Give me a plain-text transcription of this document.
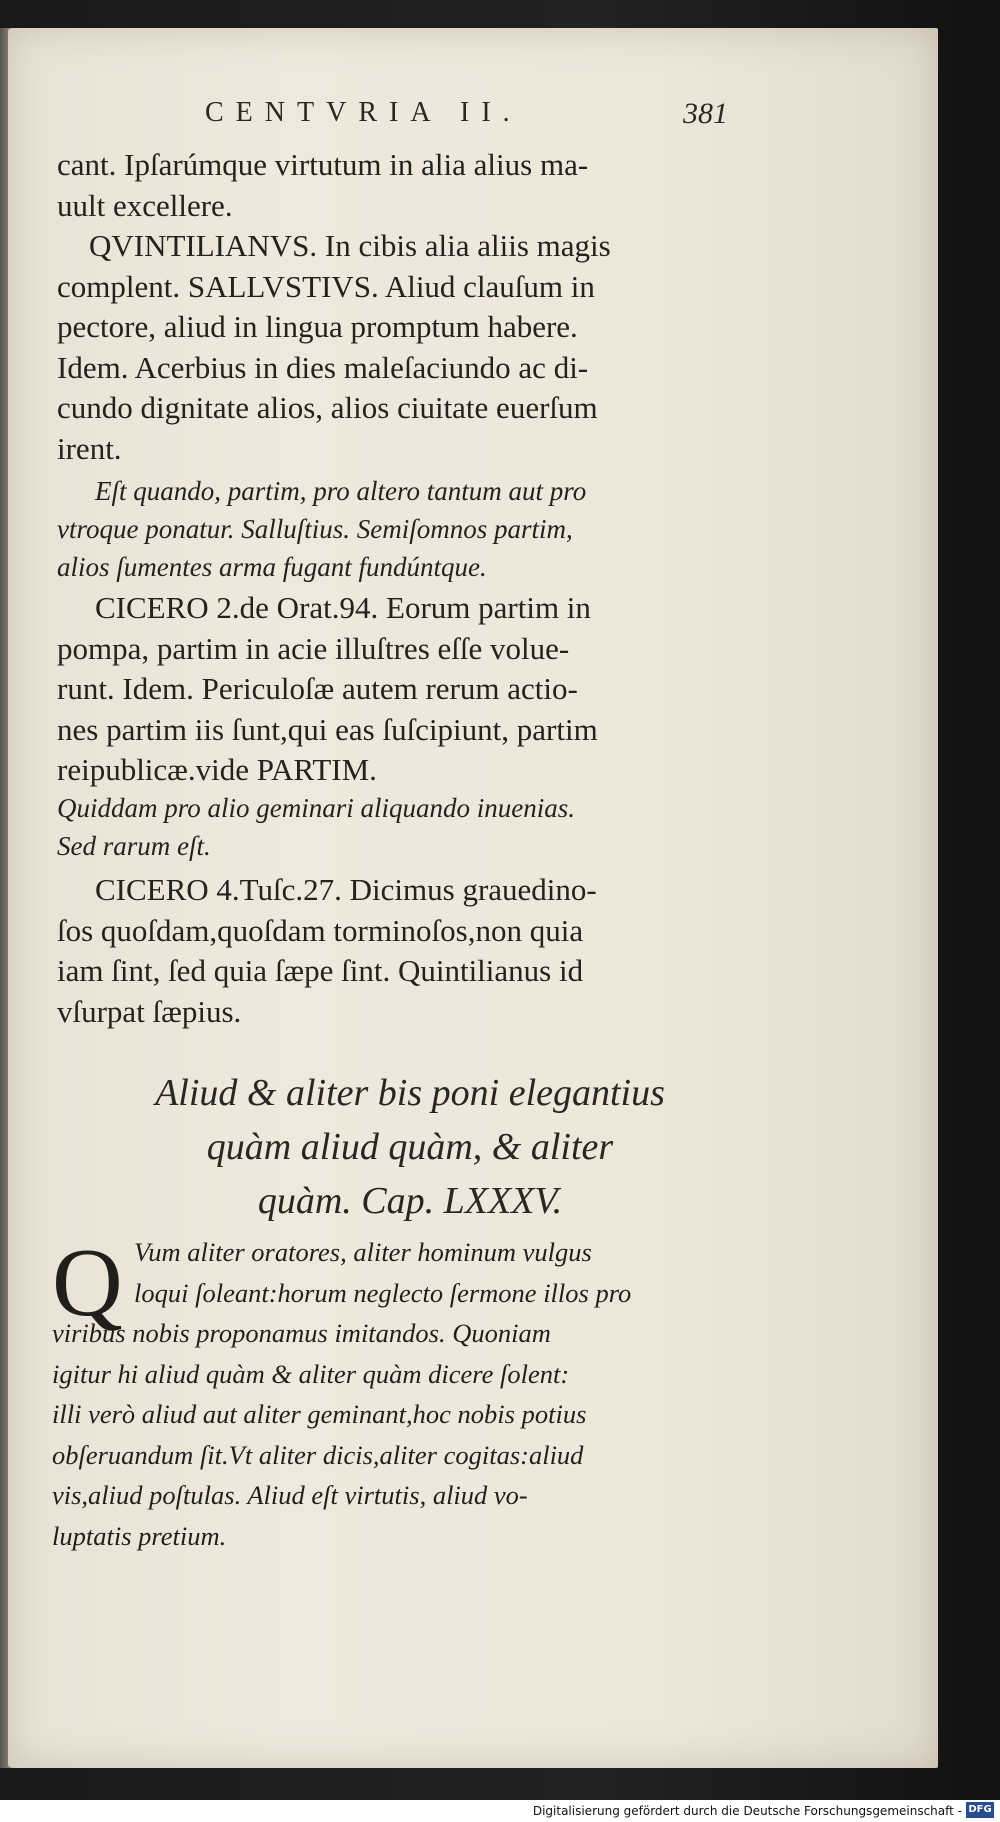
CENTVRIA II.	381
cant. Ipſarúmque virtutum in alia alius ma-
uult excellere.
QVINTILIANVS. In cibis alia aliis magis
complent. SALLVSTIVS. Aliud clauſum in
pectore, aliud in lingua promptum habere.
Idem. Acerbius in dies maleſaciundo ac di-
cundo dignitate alios, alios ciuitate euerſum
irent.
Eſt quando, partim, pro altero tantum aut pro
vtroque ponatur. Salluſtius. Semiſomnos partim,
alios ſumentes arma fugant fundúntque.
CICERO 2.de Orat.94. Eorum partim in
pompa, partim in acie illuſtres eſſe volue-
runt. Idem. Periculoſæ autem rerum actio-
nes partim iis ſunt,qui eas ſuſcipiunt, partim
reipublicæ.vide PARTIM.
Quiddam pro alio geminari aliquando inuenias.
Sed rarum eſt.
CICERO 4.Tuſc.27. Dicimus grauedino-
ſos quoſdam,quoſdam torminoſos,non quia
iam ſint, ſed quia ſæpe ſint. Quintilianus id
vſurpat ſæpius.
Aliud & aliter bis poni elegantius
quàm aliud quàm, & aliter
quàm. Cap. LXXXV.
Q Vum aliter oratores, aliter hominum vulgus
loqui ſoleant:horum neglecto ſermone illos pro
viribus nobis proponamus imitandos. Quoniam
igitur hi aliud quàm & aliter quàm dicere ſolent:
illi verò aliud aut aliter geminant,hoc nobis potius
obſeruandum ſit.Vt aliter dicis,aliter cogitas:aliud
vis,aliud poſtulas. Aliud eſt virtutis, aliud vo-
luptatis pretium.
Digitalisierung gefördert durch die Deutsche Forschungsgemeinschaft - DFG
